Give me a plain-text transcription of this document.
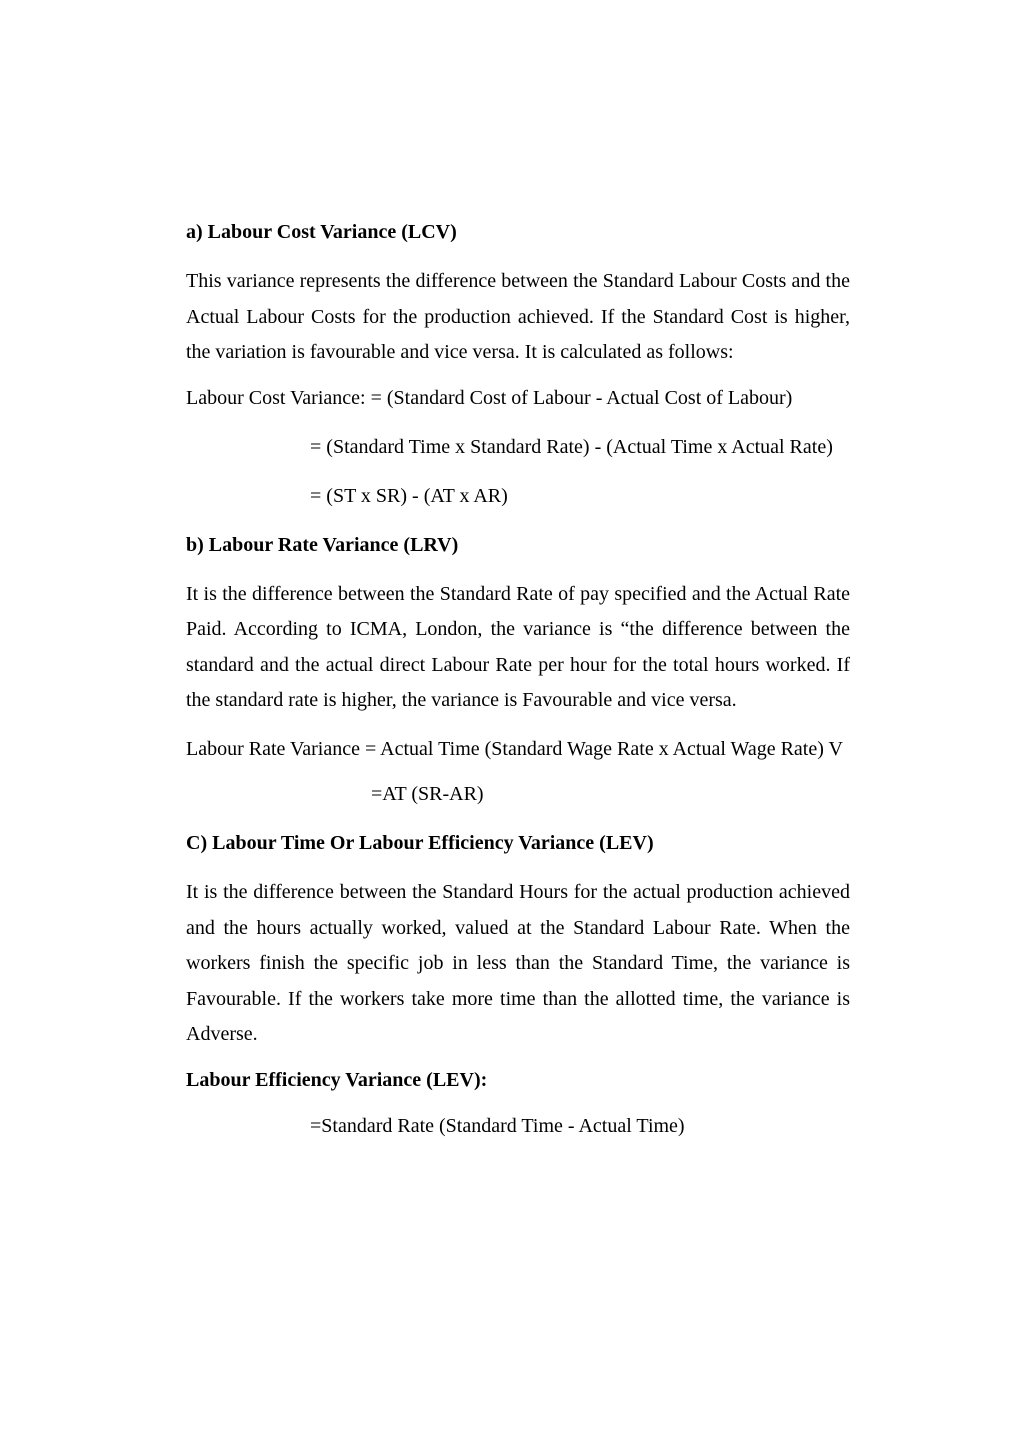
a) Labour Cost Variance (LCV)
This variance represents the difference between the Standard Labour Costs and the Actual Labour Costs for the production achieved. If the Standard Cost is higher, the variation is favourable and vice versa. It is calculated as follows:
Labour Cost Variance: = (Standard Cost of Labour - Actual Cost of Labour)
= (Standard Time x Standard Rate) - (Actual Time x Actual Rate)
= (ST x SR) - (AT x AR)
b) Labour Rate Variance (LRV)
It is the difference between the Standard Rate of pay specified and the Actual Rate Paid. According to ICMA, London, the variance is “the difference between the standard and the actual direct Labour Rate per hour for the total hours worked. If the standard rate is higher, the variance is Favourable and vice versa.
Labour Rate Variance = Actual Time (Standard Wage Rate x Actual Wage Rate) V
=AT (SR-AR)
C) Labour Time Or Labour Efficiency Variance (LEV)
It is the difference between the Standard Hours for the actual production achieved and the hours actually worked, valued at the Standard Labour Rate. When the workers finish the specific job in less than the Standard Time, the variance is Favourable. If the workers take more time than the allotted time, the variance is Adverse.
Labour Efficiency Variance (LEV):
=Standard Rate (Standard Time - Actual Time)
